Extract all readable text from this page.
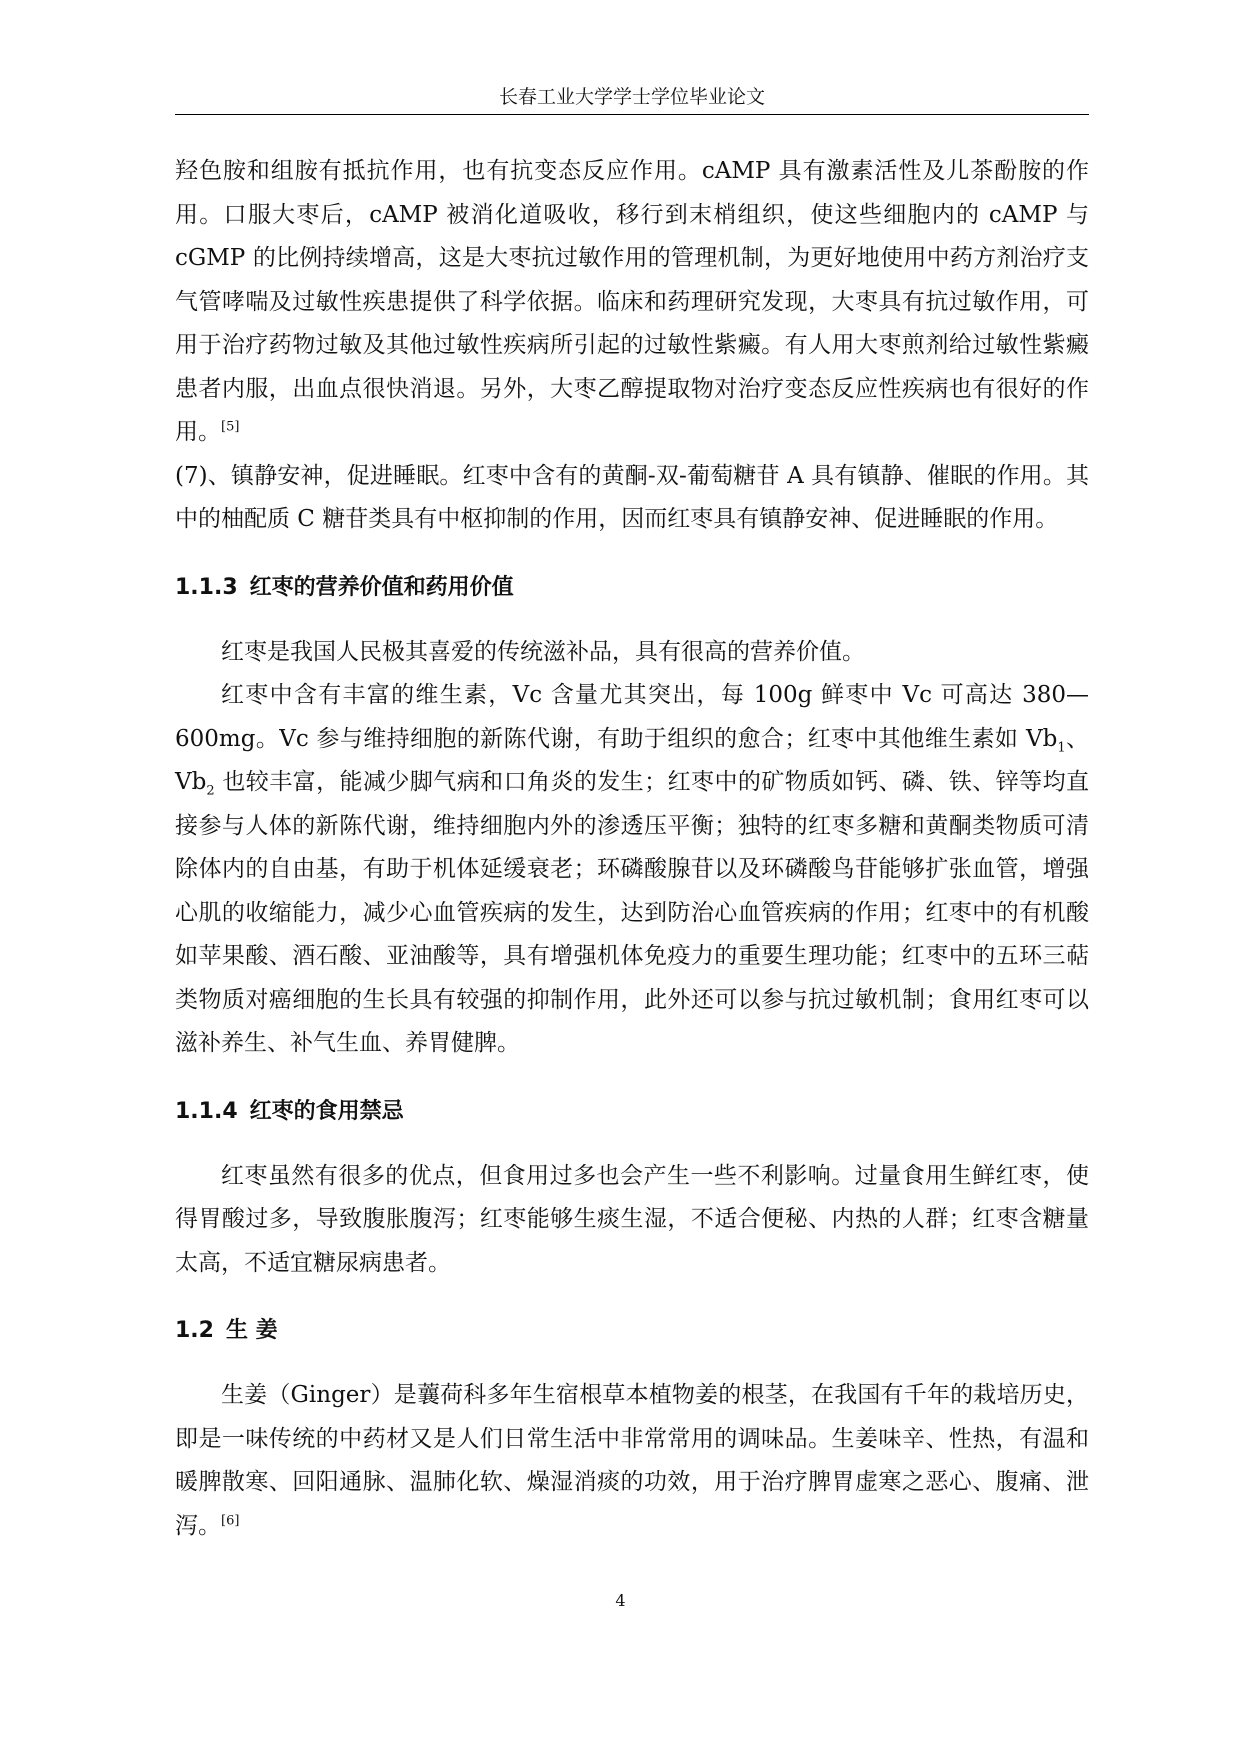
长春工业大学学士学位毕业论文

羟色胺和组胺有抵抗作用，也有抗变态反应作用。cAMP 具有激素活性及儿茶酚胺的作用。口服大枣后，cAMP 被消化道吸收，移行到末梢组织，使这些细胞内的 cAMP 与 cGMP 的比例持续增高，这是大枣抗过敏作用的管理机制，为更好地使用中药方剂治疗支气管哮喘及过敏性疾患提供了科学依据。临床和药理研究发现，大枣具有抗过敏作用，可用于治疗药物过敏及其他过敏性疾病所引起的过敏性紫癜。有人用大枣煎剂给过敏性紫癜患者内服，出血点很快消退。另外，大枣乙醇提取物对治疗变态反应性疾病也有很好的作用。[5]

(7)、镇静安神，促进睡眠。红枣中含有的黄酮-双-葡萄糖苷 A 具有镇静、催眠的作用。其中的柚配质 C 糖苷类具有中枢抑制的作用，因而红枣具有镇静安神、促进睡眠的作用。

1.1.3 红枣的营养价值和药用价值

红枣是我国人民极其喜爱的传统滋补品，具有很高的营养价值。

红枣中含有丰富的维生素，Vc 含量尤其突出，每 100g 鲜枣中 Vc 可高达 380—600mg。Vc 参与维持细胞的新陈代谢，有助于组织的愈合；红枣中其他维生素如 $Vb_1$、$Vb_2$ 也较丰富，能减少脚气病和口角炎的发生；红枣中的矿物质如钙、磷、铁、锌等均直接参与人体的新陈代谢，维持细胞内外的渗透压平衡；独特的红枣多糖和黄酮类物质可清除体内的自由基，有助于机体延缓衰老；环磷酸腺苷以及环磷酸鸟苷能够扩张血管，增强心肌的收缩能力，减少心血管疾病的发生，达到防治心血管疾病的作用；红枣中的有机酸如苹果酸、酒石酸、亚油酸等，具有增强机体免疫力的重要生理功能；红枣中的五环三萜类物质对癌细胞的生长具有较强的抑制作用，此外还可以参与抗过敏机制；食用红枣可以滋补养生、补气生血、养胃健脾。

1.1.4 红枣的食用禁忌

红枣虽然有很多的优点，但食用过多也会产生一些不利影响。过量食用生鲜红枣，使得胃酸过多，导致腹胀腹泻；红枣能够生痰生湿，不适合便秘、内热的人群；红枣含糖量太高，不适宜糖尿病患者。

1.2 生 姜

生姜（Ginger）是蘘荷科多年生宿根草本植物姜的根茎，在我国有千年的栽培历史，即是一味传统的中药材又是人们日常生活中非常常用的调味品。生姜味辛、性热，有温和暖脾散寒、回阳通脉、温肺化软、燥湿消痰的功效，用于治疗脾胃虚寒之恶心、腹痛、泄泻。[6]

4
